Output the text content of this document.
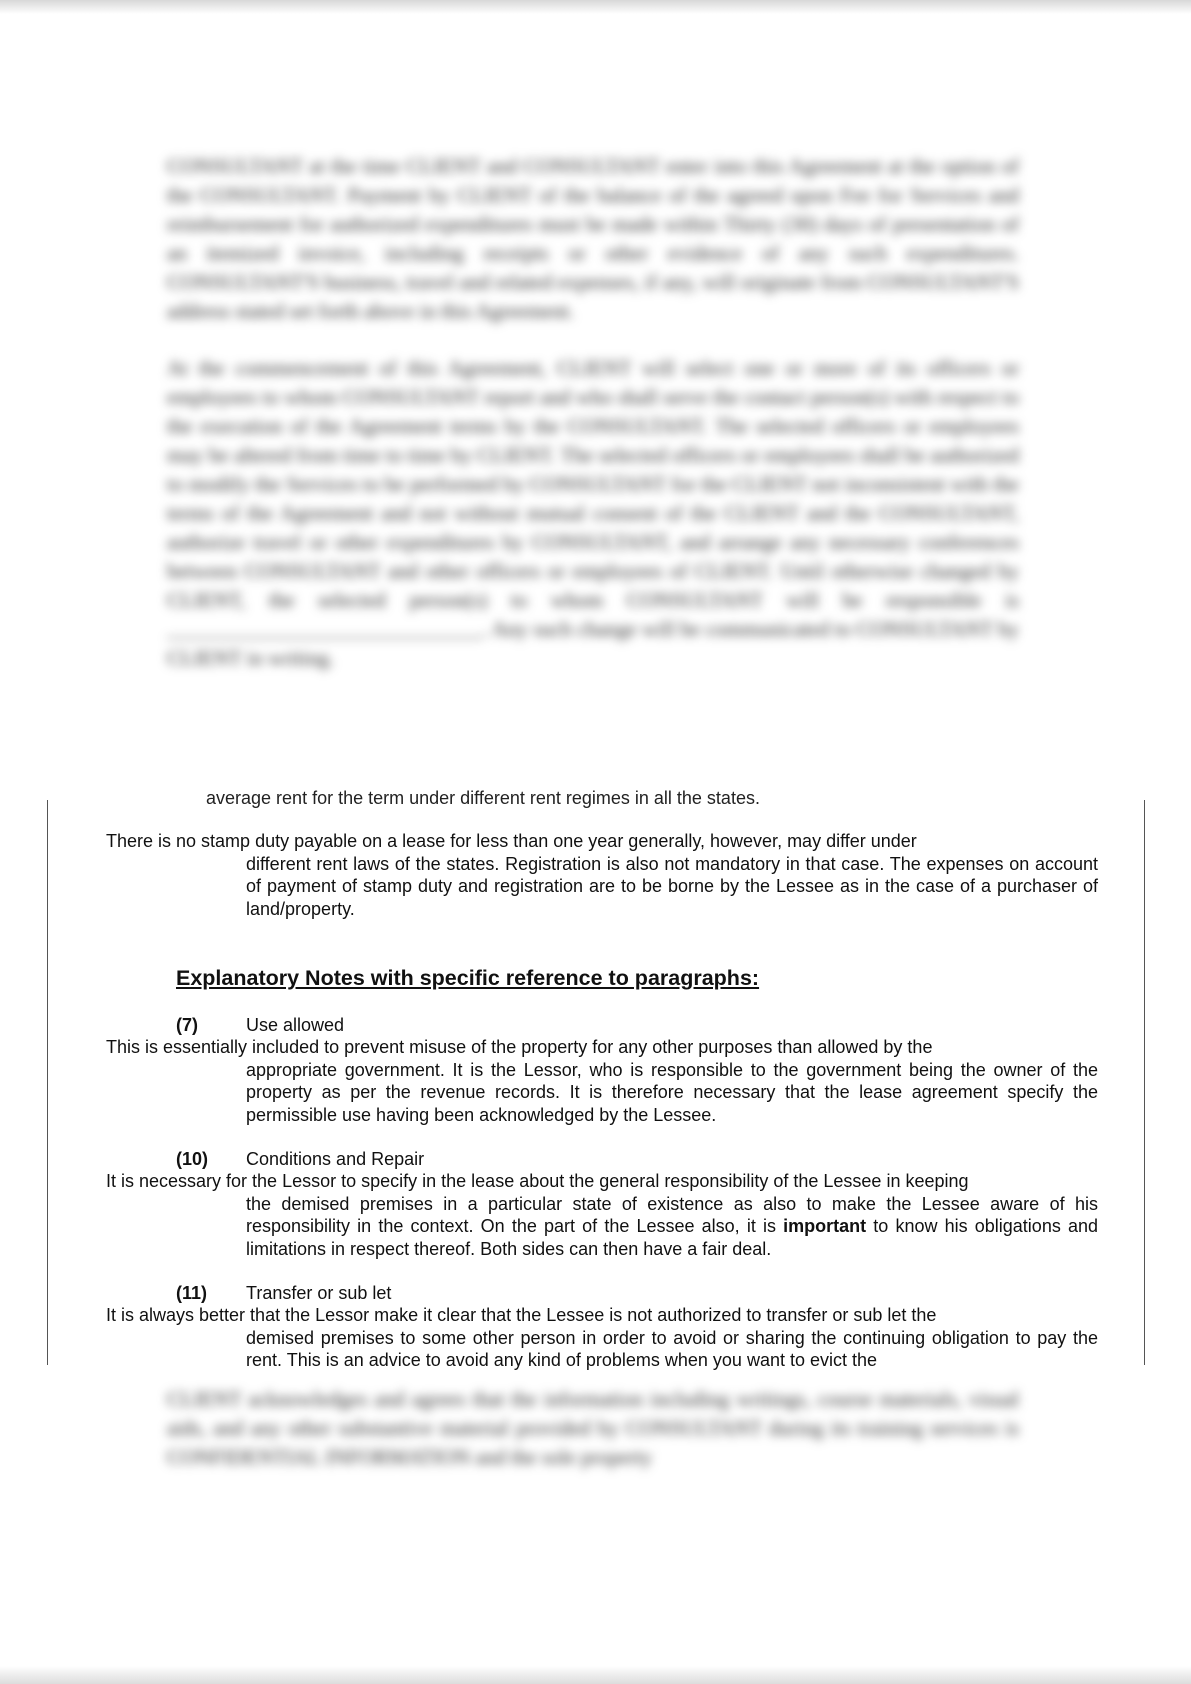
CONSULTANT at the time CLIENT and CONSULTANT enter into this Agreement at the option of the CONSULTANT. Payment by CLIENT of the balance of the agreed upon Fee for Services and reimbursement for authorized expenditures must be made within Thirty (30) days of presentation of an itemized invoice, including receipts or other evidence of any such expenditures. CONSULTANT'S business, travel and related expenses, if any, will originate from CONSULTANT'S address stated set forth above in this Agreement.

At the commencement of this Agreement, CLIENT will select one or more of its officers or employees to whom CONSULTANT report and who shall serve the contact person(s) with respect to the execution of the Agreement terms by the CONSULTANT. The selected officers or employees may be altered from time to time by CLIENT. The selected officers or employees shall be authorized to modify the Services to be performed by CONSULTANT for the CLIENT not inconsistent with the terms of the Agreement and not without mutual consent of the CLIENT and the CONSULTANT, authorize travel or other expenditures by CONSULTANT, and arrange any necessary conferences between CONSULTANT and other officers or employees of CLIENT. Until otherwise changed by CLIENT, the selected person(s) to whom CONSULTANT will be responsible is ______________________________. Any such change will be communicated to CONSULTANT by CLIENT in writing.

average rent for the term under different rent regimes in all the states.
There is no stamp duty payable on a lease for less than one year generally, however, may differ under
different rent laws of the states. Registration is also not mandatory in that case. The expenses on account of payment of stamp duty and registration are to be borne by the Lessee as in the case of a purchaser of land/property.
Explanatory Notes with specific reference to paragraphs:
(7)	Use allowed
This is essentially included to prevent misuse of the property for any other purposes than allowed by the
appropriate government. It is the Lessor, who is responsible to the government being the owner of the property as per the revenue records. It is therefore necessary that the lease agreement specify the permissible use having been acknowledged by the Lessee.
(10) Conditions and Repair
It is necessary for the Lessor to specify in the lease about the general responsibility of the Lessee in keeping
the demised premises in a particular state of existence as also to make the Lessee aware of his responsibility in the context. On the part of the Lessee also, it is important to know his obligations and limitations in respect thereof. Both sides can then have a fair deal.
(11) Transfer or sub let
It is always better that the Lessor make it clear that the Lessee is not authorized to transfer or sub let the
demised premises to some other person in order to avoid or sharing the continuing obligation to pay the rent. This is an advice to avoid any kind of problems when you want to evict the

CLIENT acknowledges and agrees that the information including writings, course materials, visual aids, and any other substantive material provided by CONSULTANT during its training services is CONFIDENTIAL INFORMATION and the sole property
